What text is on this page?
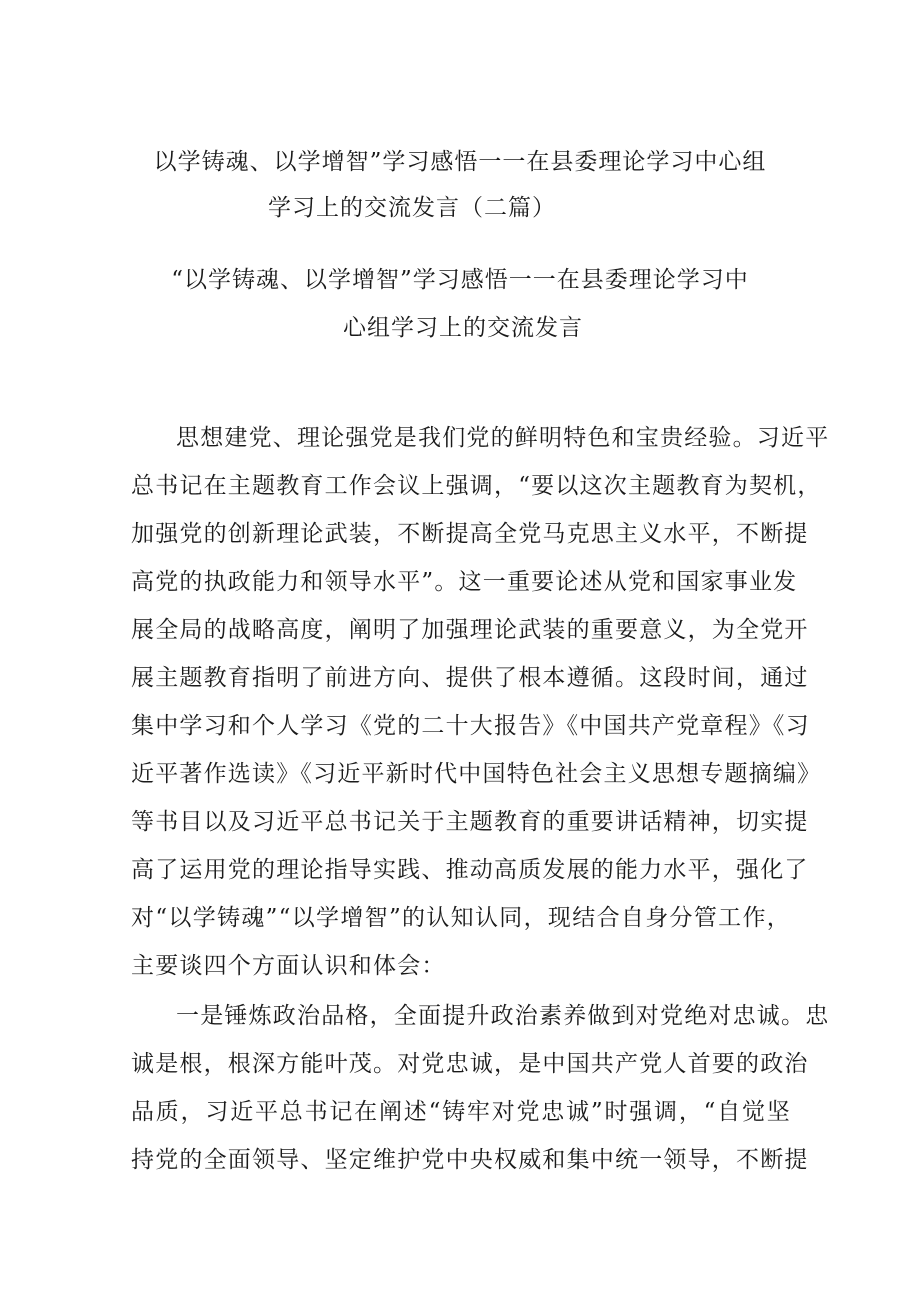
以学铸魂、以学增智”学习感悟一一在县委理论学习中心组
学习上的交流发言（二篇）
“以学铸魂、以学增智”学习感悟一一在县委理论学习中
心组学习上的交流发言
思想建党、理论强党是我们党的鲜明特色和宝贵经验。习近平
总书记在主题教育工作会议上强调，“要以这次主题教育为契机，
加强党的创新理论武装，不断提高全党马克思主义水平，不断提
高党的执政能力和领导水平”。这一重要论述从党和国家事业发
展全局的战略高度，阐明了加强理论武装的重要意义，为全党开
展主题教育指明了前进方向、提供了根本遵循。这段时间，通过
集中学习和个人学习《党的二十大报告》《中国共产党章程》《习
近平著作选读》《习近平新时代中国特色社会主义思想专题摘编》
等书目以及习近平总书记关于主题教育的重要讲话精神，切实提
高了运用党的理论指导实践、推动高质发展的能力水平，强化了
对“以学铸魂”“以学增智”的认知认同，现结合自身分管工作，
主要谈四个方面认识和体会：
一是锤炼政治品格，全面提升政治素养做到对党绝对忠诚。忠
诚是根，根深方能叶茂。对党忠诚，是中国共产党人首要的政治
品质，习近平总书记在阐述“铸牢对党忠诚”时强调，“自觉坚
持党的全面领导、坚定维护党中央权威和集中统一领导，不断提
